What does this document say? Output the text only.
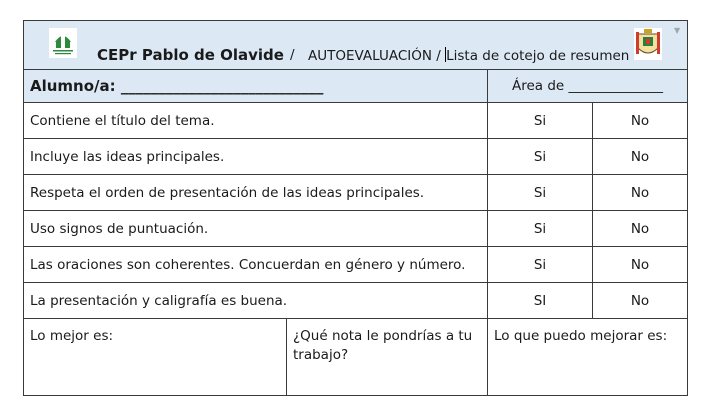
CEPr Pablo de Olavide / AUTOEVALUACIÓN / Lista de cotejo de resumen
▼			

Alumno/a: ___________________________		Área de ______________	
Contiene el título del tema.		Si	No
Incluye las ideas principales.		Si	No
Respeta el orden de presentación de las ideas principales.		Si	No
Uso signos de puntuación.		Si	No
Las oraciones son coherentes. Concuerdan en género y número.		Si	No
La presentación y caligrafía es buena.		SI	No
Lo mejor es:	¿Qué nota le pondrías a tu trabajo?	Lo que puedo mejorar es:	
